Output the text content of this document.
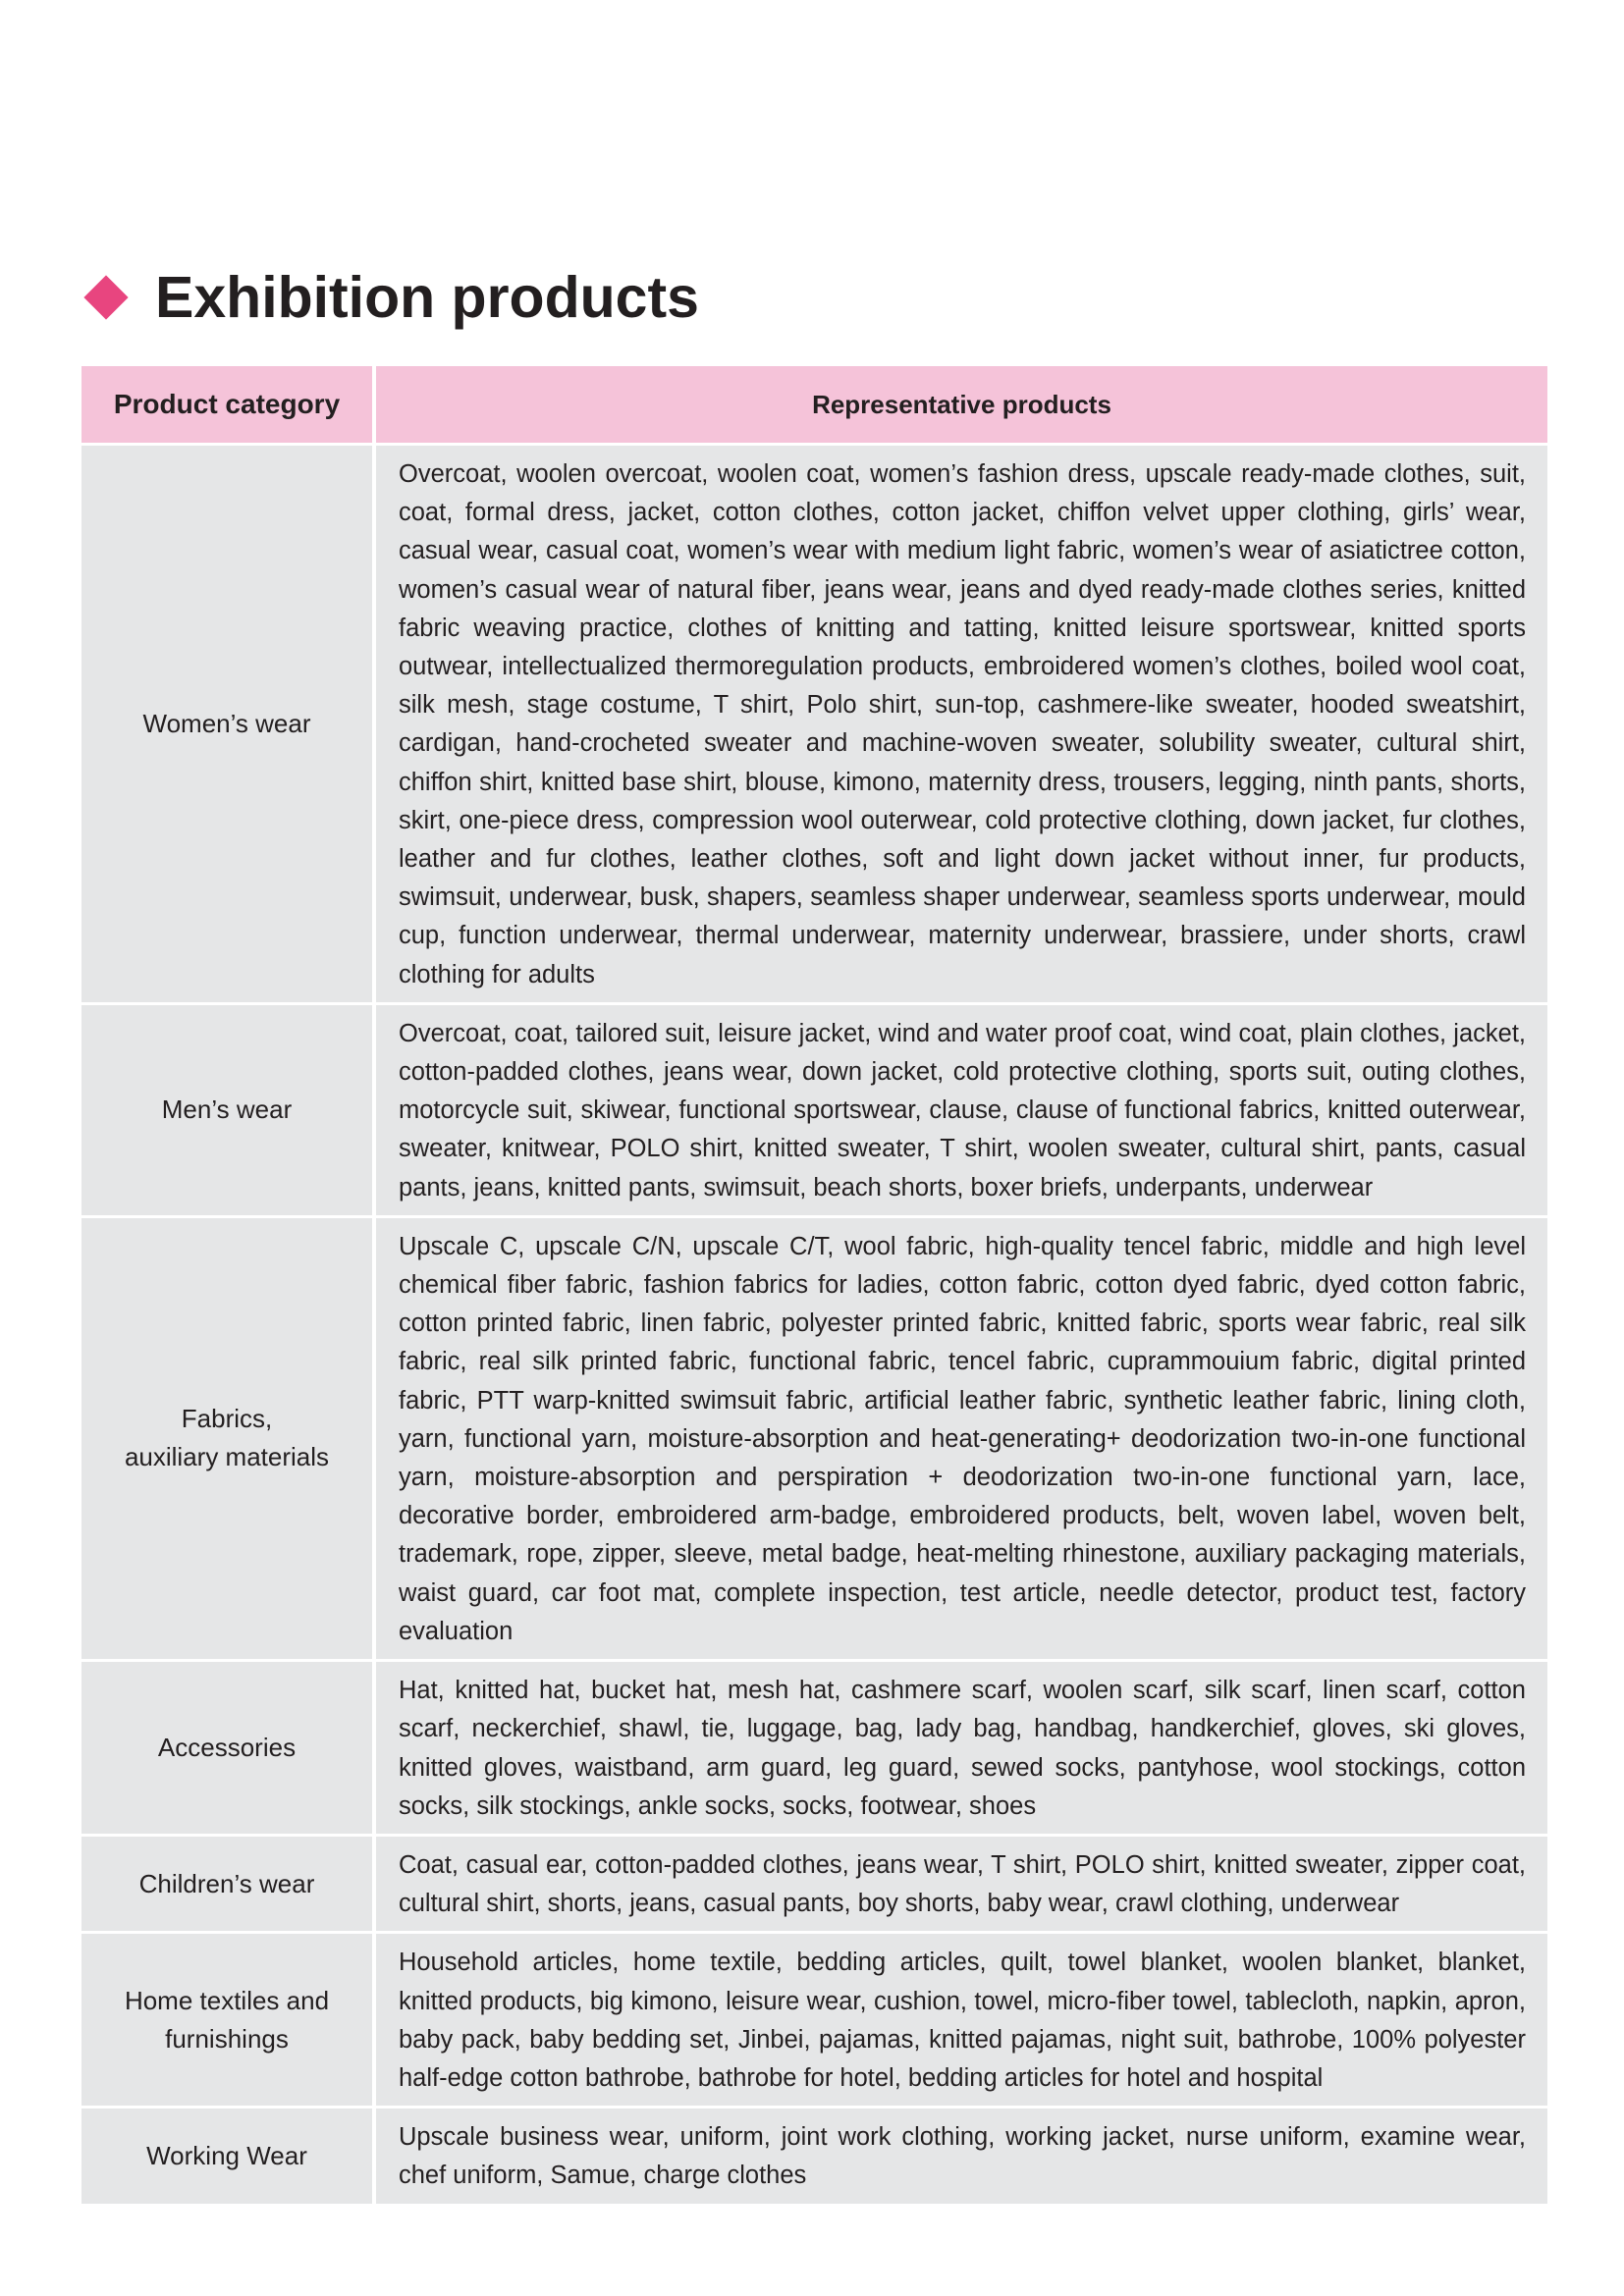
Exhibition products
Product category	Representative products
Women’s wear	Overcoat, woolen overcoat, woolen coat, women’s fashion dress, upscale ready-made clothes, suit, coat, formal dress, jacket, cotton clothes, cotton jacket, chiffon velvet upper clothing, girls’ wear, casual wear, casual coat, women’s wear with medium light fabric, women’s wear of asiatictree cotton, women’s casual wear of natural fiber, jeans wear, jeans and dyed ready-made clothes series, knitted fabric weaving practice, clothes of knitting and tatting, knitted leisure sportswear, knitted sports outwear, intellectualized thermoregulation products, embroidered women’s clothes, boiled wool coat, silk mesh, stage costume, T shirt, Polo shirt, sun-top, cashmere-like sweater, hooded sweatshirt, cardigan, hand-crocheted sweater and machine-woven sweater, solubility sweater, cultural shirt, chiffon shirt, knitted base shirt, blouse, kimono, maternity dress, trousers, legging, ninth pants, shorts, skirt, one-piece dress, compression wool outerwear, cold protective clothing, down jacket, fur clothes, leather and fur clothes, leather clothes, soft and light down jacket without inner, fur products, swimsuit, underwear, busk, shapers, seamless shaper underwear, seamless sports underwear, mould cup, function underwear, thermal underwear, maternity underwear, brassiere, under shorts, crawl clothing for adults
Men’s wear	Overcoat, coat, tailored suit, leisure jacket, wind and water proof coat, wind coat, plain clothes, jacket, cotton-padded clothes, jeans wear, down jacket, cold protective clothing, sports suit, outing clothes, motorcycle suit, skiwear, functional sportswear, clause, clause of functional fabrics, knitted outerwear, sweater, knitwear, POLO shirt, knitted sweater, T shirt, woolen sweater, cultural shirt, pants, casual pants, jeans, knitted pants, swimsuit, beach shorts, boxer briefs, underpants, underwear
Fabrics,
auxiliary materials	Upscale C, upscale C/N, upscale C/T, wool fabric, high-quality tencel fabric, middle and high level chemical fiber fabric, fashion fabrics for ladies, cotton fabric, cotton dyed fabric, dyed cotton fabric, cotton printed fabric, linen fabric, polyester printed fabric, knitted fabric, sports wear fabric, real silk fabric, real silk printed fabric, functional fabric, tencel fabric, cuprammouium fabric, digital printed fabric, PTT warp-knitted swimsuit fabric, artificial leather fabric, synthetic leather fabric, lining cloth, yarn, functional yarn, moisture-absorption and heat-generating+ deodorization two-in-one functional yarn, moisture-absorption and perspiration + deodorization two-in-one functional yarn, lace, decorative border, embroidered arm-badge, embroidered products, belt, woven label, woven belt, trademark, rope, zipper, sleeve, metal badge, heat-melting rhinestone, auxiliary packaging materials, waist guard, car foot mat, complete inspection, test article, needle detector, product test, factory evaluation
Accessories	Hat, knitted hat, bucket hat, mesh hat, cashmere scarf, woolen scarf, silk scarf, linen scarf, cotton scarf, neckerchief, shawl, tie, luggage, bag, lady bag, handbag, handkerchief, gloves, ski gloves, knitted gloves, waistband, arm guard, leg guard, sewed socks, pantyhose, wool stockings, cotton socks, silk stockings, ankle socks, socks, footwear, shoes
Children’s wear	Coat, casual ear, cotton-padded clothes, jeans wear, T shirt, POLO shirt, knitted sweater, zipper coat, cultural shirt, shorts, jeans, casual pants, boy shorts, baby wear, crawl clothing, underwear
Home textiles and
furnishings	Household articles, home textile, bedding articles, quilt, towel blanket, woolen blanket, blanket, knitted products, big kimono, leisure wear, cushion, towel, micro-fiber towel, tablecloth, napkin, apron, baby pack, baby bedding set, Jinbei, pajamas, knitted pajamas, night suit, bathrobe, 100% polyester half-edge cotton bathrobe, bathrobe for hotel, bedding articles for hotel and hospital
Working Wear	Upscale business wear, uniform, joint work clothing, working jacket, nurse uniform, examine wear, chef uniform, Samue, charge clothes
